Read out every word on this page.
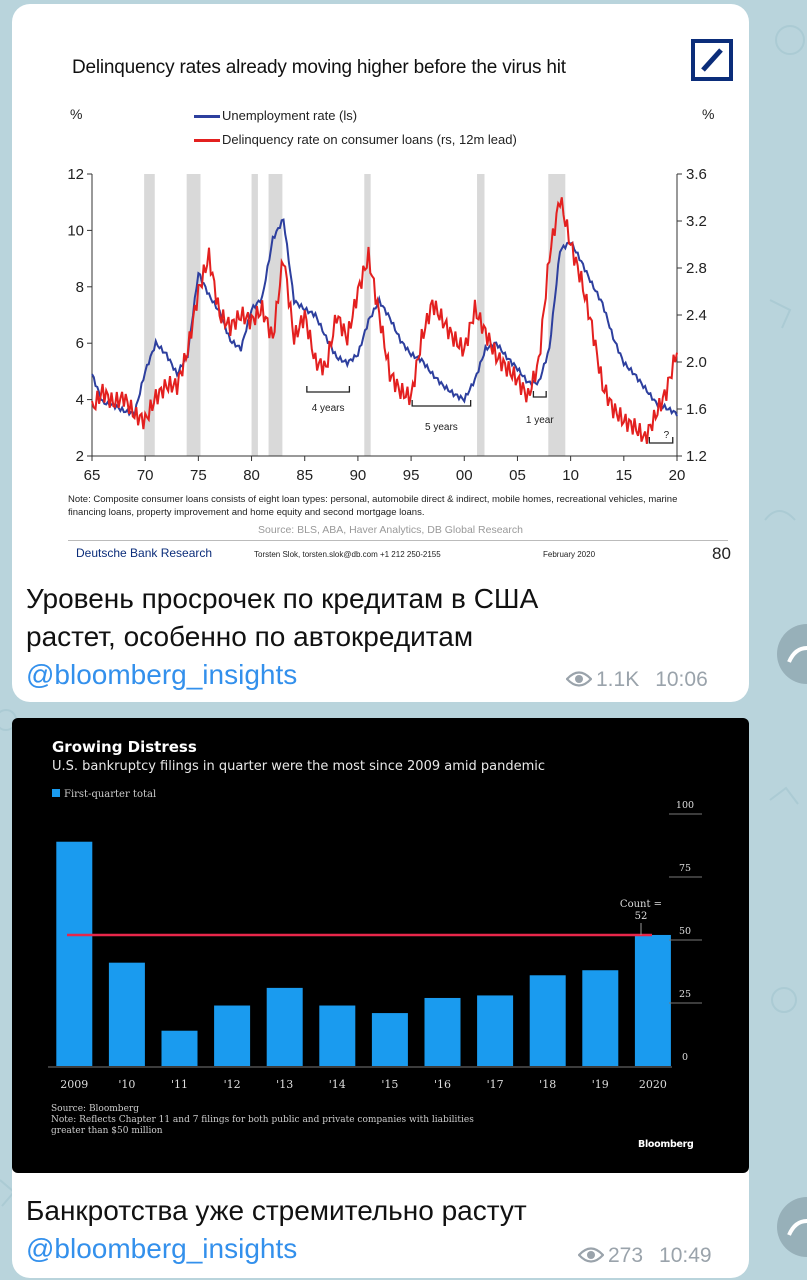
Delinquency rates already moving higher before the virus hit
%	%
Unemployment rate (ls)
Delinquency rate on consumer loans (rs, 12m lead)
2
4
6
8
10
12
1.2
1.6
2.0
2.4
2.8
3.2
3.6
65 70 75 80 85 90 95 00 05 10 15 20
4 years
5 years
1 year
?
Note: Composite consumer loans consists of eight loan types: personal, automobile direct & indirect, mobile homes, recreational vehicles, marine financing loans, property improvement and home equity and second mortgage loans.
Source: BLS, ABA, Haver Analytics, DB Global Research
Deutsche Bank Research	Torsten Slok, torsten.slok@db.com +1 212 250-2155	February 2020	80
Уровень просрочек по кредитам в США
растет, особенно по автокредитам
@bloomberg_insights	1.1K 10:06
Growing Distress
U.S. bankruptcy filings in quarter were the most since 2009 amid pandemic
First-quarter total
2009	'10	'11	'12	'13	'14	'15	'16	'17	'18	'19	2020
0
25
50
75
100
Count =
52
Source: Bloomberg
Note: Reflects Chapter 11 and 7 filings for both public and private companies with liabilities
greater than $50 million
Bloomberg
Банкротства уже стремительно растут
@bloomberg_insights	273 10:49
